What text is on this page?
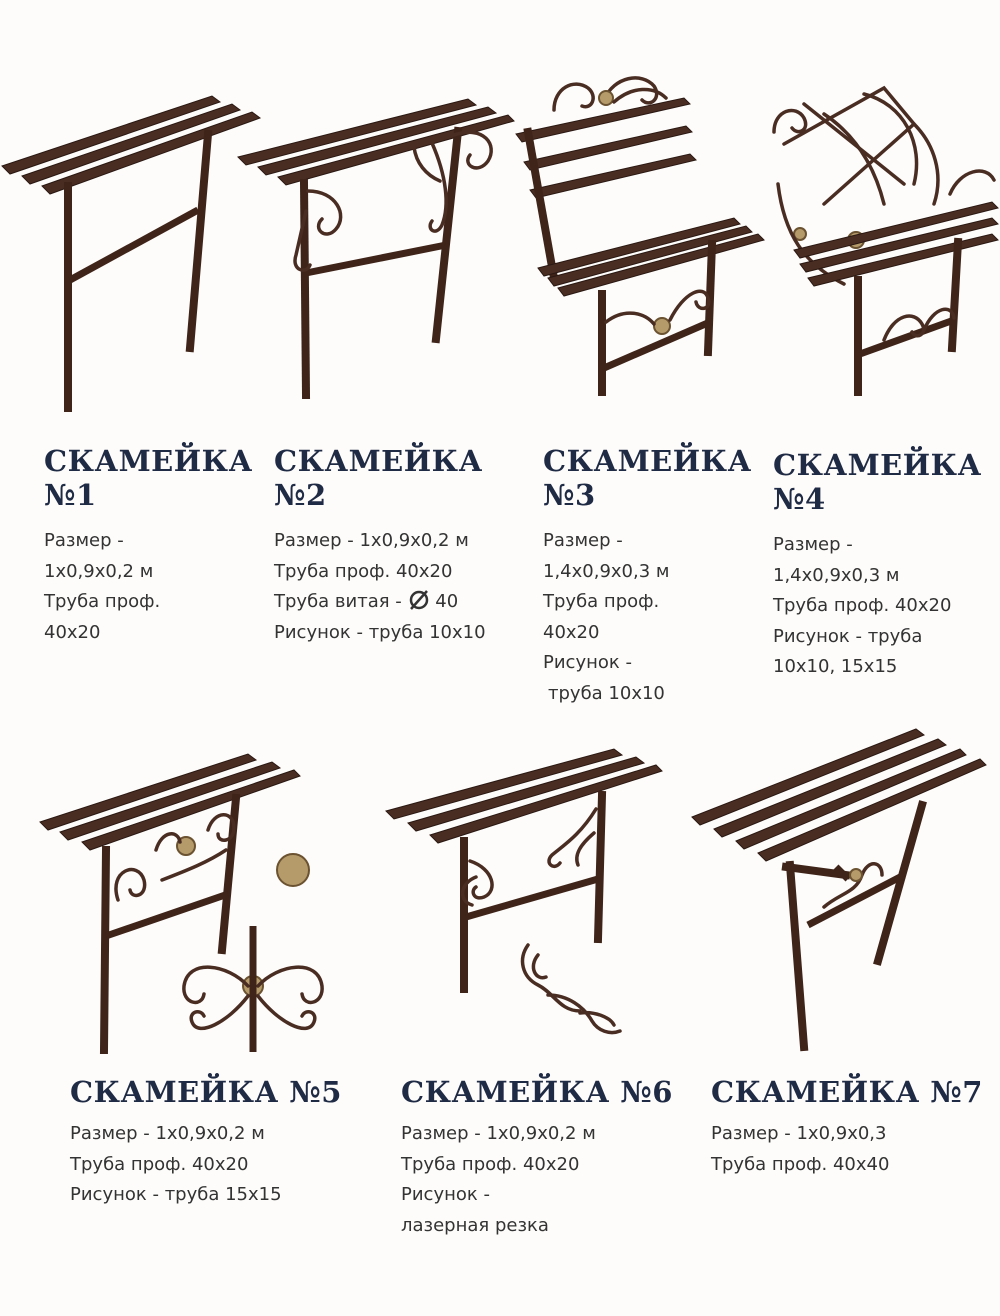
СКАМЕЙКА
№1
Размер -
1х0,9х0,2 м
Труба проф.
40х20
СКАМЕЙКА
№2
Размер - 1х0,9х0,2 м
Труба проф. 40х20
Труба витая - 40
Рисунок - труба 10х10
СКАМЕЙКА
№3
Размер -
1,4х0,9х0,3 м
Труба проф.
40х20
Рисунок -
труба 10х10
СКАМЕЙКА
№4
Размер -
1,4х0,9х0,3 м
Труба проф. 40х20
Рисунок - труба
10х10, 15х15
СКАМЕЙКА №5
Размер - 1х0,9х0,2 м
Труба проф. 40х20
Рисунок - труба 15х15
СКАМЕЙКА №6
Размер - 1х0,9х0,2 м
Труба проф. 40х20
Рисунок -
лазерная резка
СКАМЕЙКА №7
Размер - 1х0,9х0,3
Труба проф. 40х40
